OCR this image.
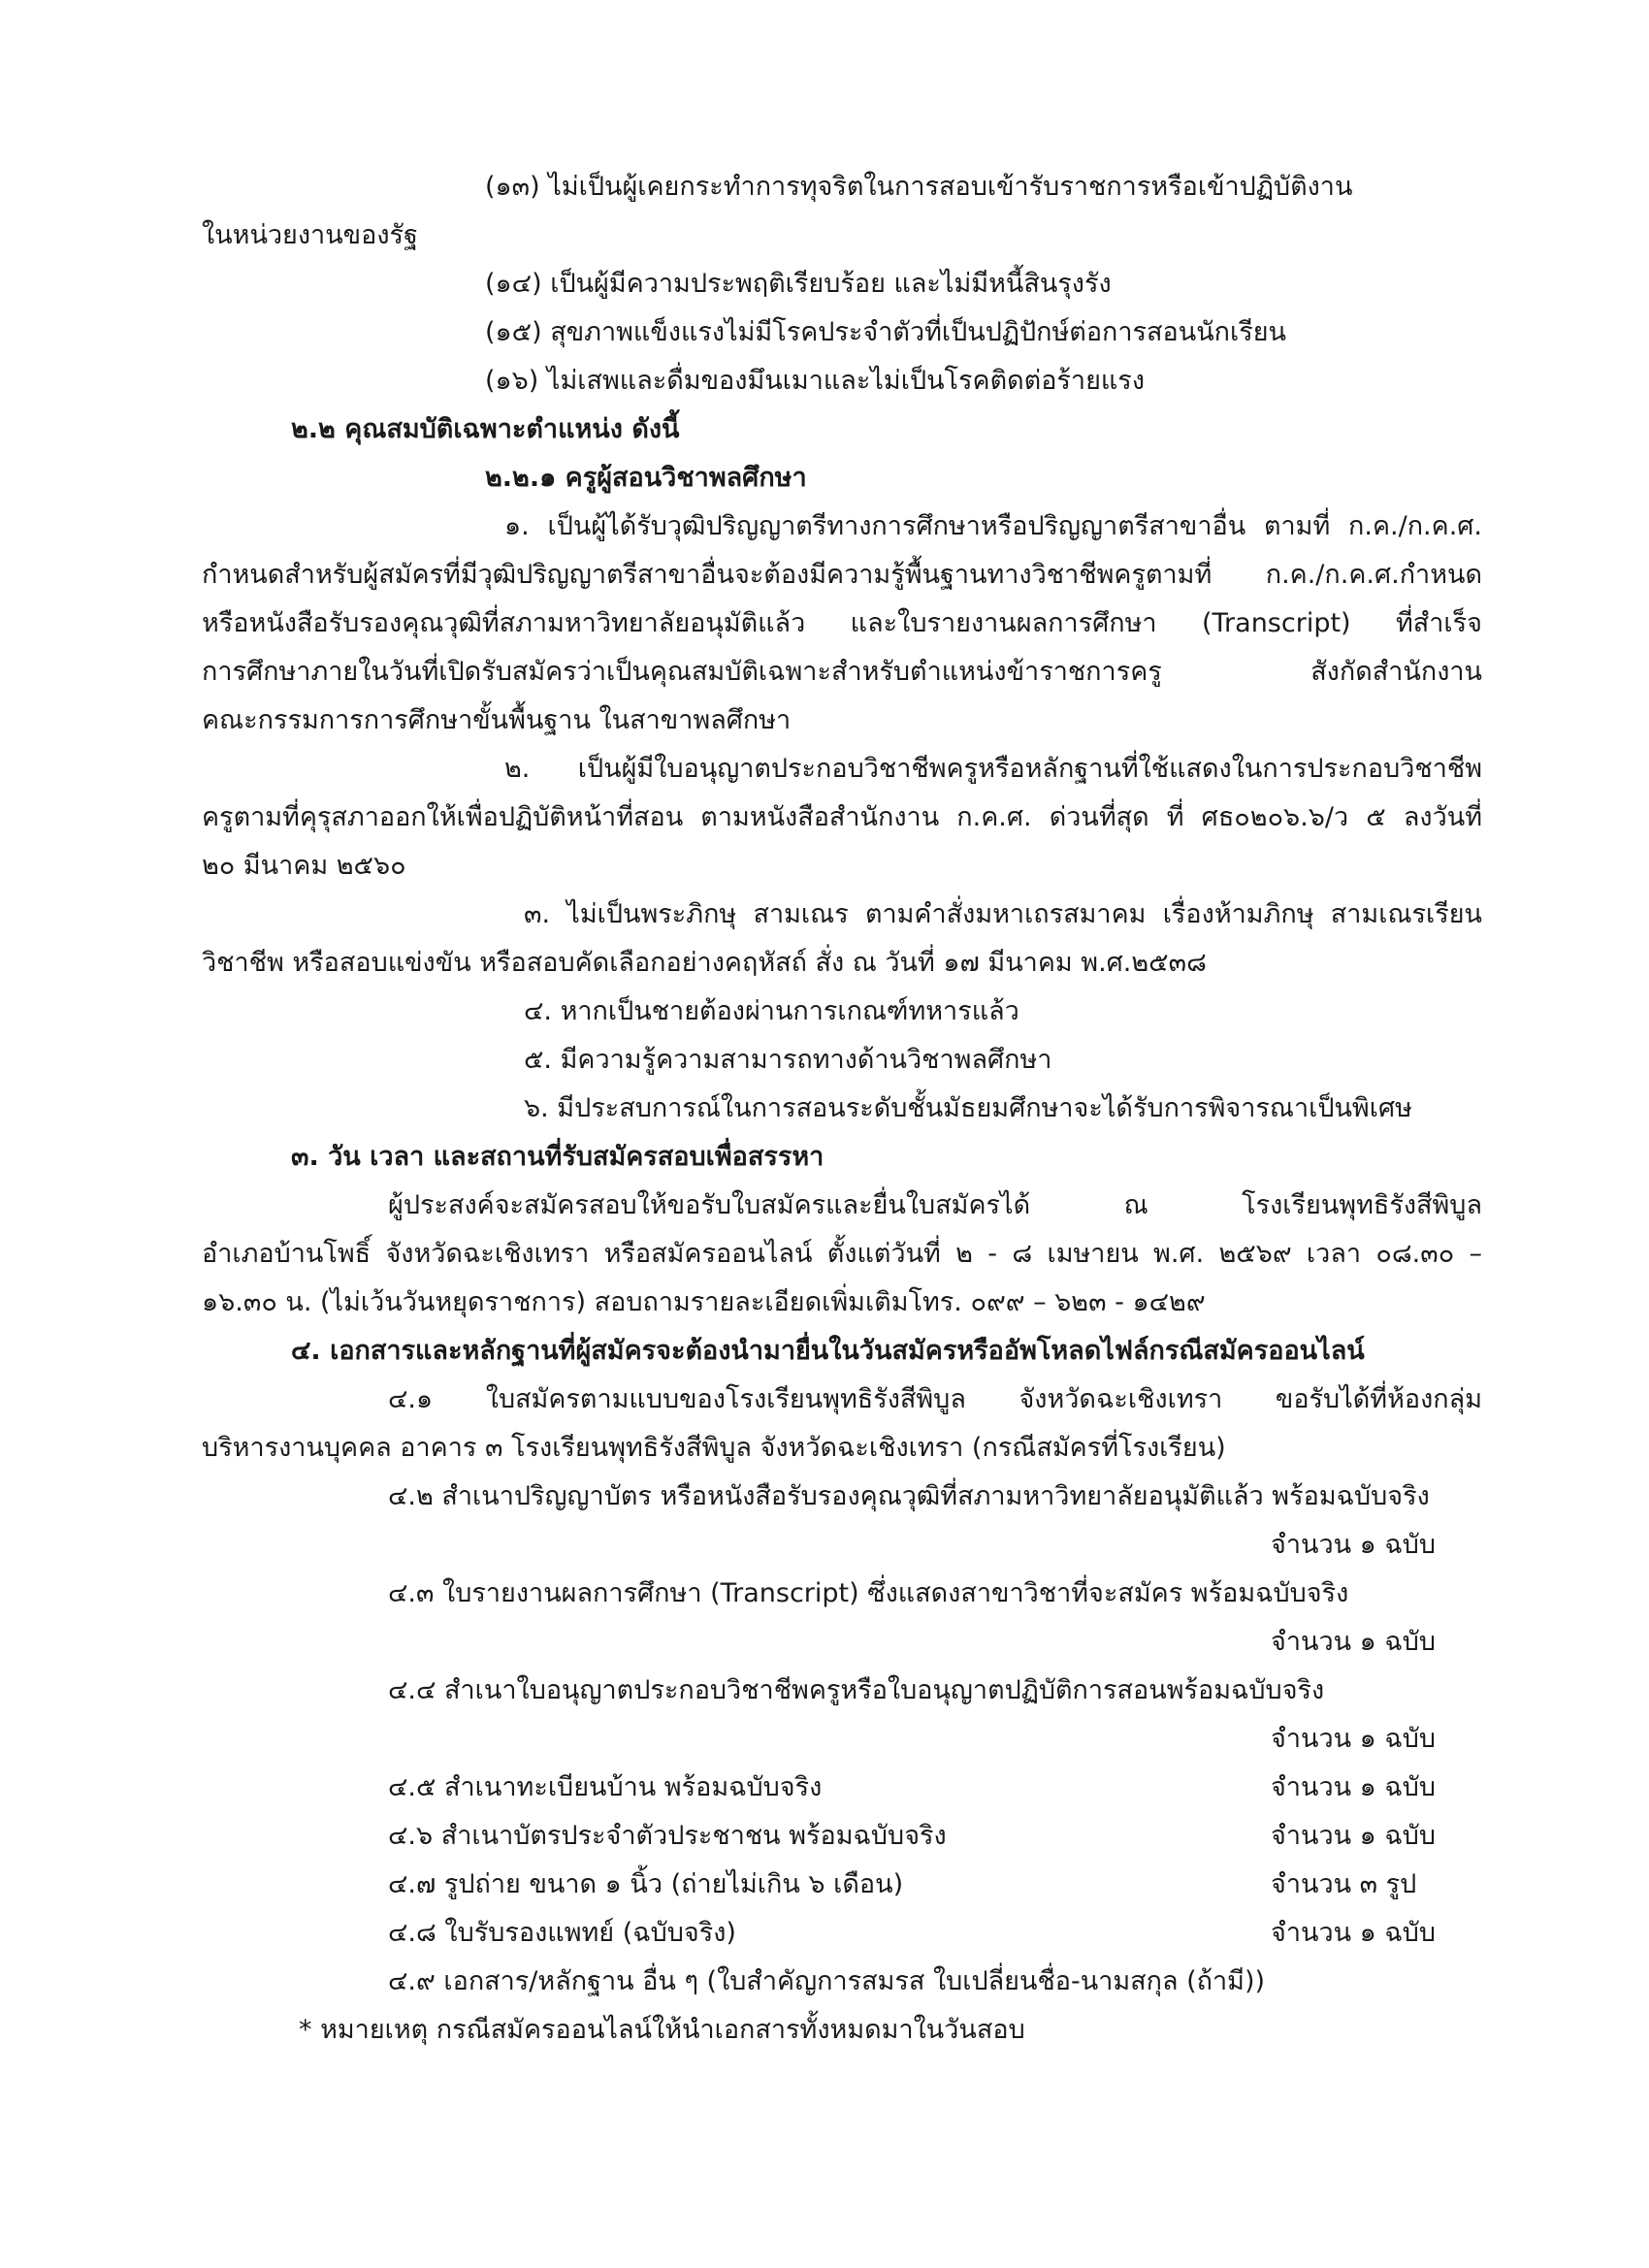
(๑๓) ไม่เป็นผู้เคยกระทำการทุจริตในการสอบเข้ารับราชการหรือเข้าปฏิบัติงาน
ในหน่วยงานของรัฐ
(๑๔) เป็นผู้มีความประพฤติเรียบร้อย และไม่มีหนี้สินรุงรัง
(๑๕) สุขภาพแข็งแรงไม่มีโรคประจำตัวที่เป็นปฏิปักษ์ต่อการสอนนักเรียน
(๑๖) ไม่เสพและดื่มของมึนเมาและไม่เป็นโรคติดต่อร้ายแรง
๒.๒ คุณสมบัติเฉพาะตำแหน่ง ดังนี้
๒.๒.๑ ครูผู้สอนวิชาพลศึกษา
๑. เป็นผู้ได้รับวุฒิปริญญาตรีทางการศึกษาหรือปริญญาตรีสาขาอื่น ตามที่ ก.ค./ก.ค.ศ.
กำหนดสำหรับผู้สมัครที่มีวุฒิปริญญาตรีสาขาอื่นจะต้องมีความรู้พื้นฐานทางวิชาชีพครูตามที่ ก.ค./ก.ค.ศ.กำหนด
หรือหนังสือรับรองคุณวุฒิที่สภามหาวิทยาลัยอนุมัติแล้ว และใบรายงานผลการศึกษา (Transcript) ที่สำเร็จ
การศึกษาภายในวันที่เปิดรับสมัครว่าเป็นคุณสมบัติเฉพาะสำหรับตำแหน่งข้าราชการครู สังกัดสำนักงาน
คณะกรรมการการศึกษาขั้นพื้นฐาน ในสาขาพลศึกษา
๒. เป็นผู้มีใบอนุญาตประกอบวิชาชีพครูหรือหลักฐานที่ใช้แสดงในการประกอบวิชาชีพ
ครูตามที่คุรุสภาออกให้เพื่อปฏิบัติหน้าที่สอน ตามหนังสือสำนักงาน ก.ค.ศ. ด่วนที่สุด ที่ ศธ๐๒๐๖.๖/ว ๕ ลงวันที่
๒๐ มีนาคม ๒๕๖๐
๓. ไม่เป็นพระภิกษุ สามเณร ตามคำสั่งมหาเถรสมาคม เรื่องห้ามภิกษุ สามเณรเรียน
วิชาชีพ หรือสอบแข่งขัน หรือสอบคัดเลือกอย่างคฤหัสถ์ สั่ง ณ วันที่ ๑๗ มีนาคม พ.ศ.๒๕๓๘
๔. หากเป็นชายต้องผ่านการเกณฑ์ทหารแล้ว
๕. มีความรู้ความสามารถทางด้านวิชาพลศึกษา
๖. มีประสบการณ์ในการสอนระดับชั้นมัธยมศึกษาจะได้รับการพิจารณาเป็นพิเศษ
๓. วัน เวลา และสถานที่รับสมัครสอบเพื่อสรรหา
ผู้ประสงค์จะสมัครสอบให้ขอรับใบสมัครและยื่นใบสมัครได้ ณ โรงเรียนพุทธิรังสีพิบูล
อำเภอบ้านโพธิ์ จังหวัดฉะเชิงเทรา หรือสมัครออนไลน์ ตั้งแต่วันที่ ๒ - ๘ เมษายน พ.ศ. ๒๕๖๙ เวลา ๐๘.๓๐ –
๑๖.๓๐ น. (ไม่เว้นวันหยุดราชการ) สอบถามรายละเอียดเพิ่มเติมโทร. ๐๙๙ – ๖๒๓ - ๑๔๒๙
๔. เอกสารและหลักฐานที่ผู้สมัครจะต้องนำมายื่นในวันสมัครหรืออัพโหลดไฟล์กรณีสมัครออนไลน์
๔.๑ ใบสมัครตามแบบของโรงเรียนพุทธิรังสีพิบูล จังหวัดฉะเชิงเทรา ขอรับได้ที่ห้องกลุ่ม
บริหารงานบุคคล อาคาร ๓ โรงเรียนพุทธิรังสีพิบูล จังหวัดฉะเชิงเทรา (กรณีสมัครที่โรงเรียน)
๔.๒ สำเนาปริญญาบัตร หรือหนังสือรับรองคุณวุฒิที่สภามหาวิทยาลัยอนุมัติแล้ว พร้อมฉบับจริง
จำนวน ๑ ฉบับ
๔.๓ ใบรายงานผลการศึกษา (Transcript) ซึ่งแสดงสาขาวิชาที่จะสมัคร พร้อมฉบับจริง
จำนวน ๑ ฉบับ
๔.๔ สำเนาใบอนุญาตประกอบวิชาชีพครูหรือใบอนุญาตปฏิบัติการสอนพร้อมฉบับจริง
จำนวน ๑ ฉบับ
๔.๕ สำเนาทะเบียนบ้าน พร้อมฉบับจริง	จำนวน ๑ ฉบับ
๔.๖ สำเนาบัตรประจำตัวประชาชน พร้อมฉบับจริง	จำนวน ๑ ฉบับ
๔.๗ รูปถ่าย ขนาด ๑ นิ้ว (ถ่ายไม่เกิน ๖ เดือน)	จำนวน ๓ รูป
๔.๘ ใบรับรองแพทย์ (ฉบับจริง)	จำนวน ๑ ฉบับ
๔.๙ เอกสาร/หลักฐาน อื่น ๆ (ใบสำคัญการสมรส ใบเปลี่ยนชื่อ-นามสกุล (ถ้ามี))
* หมายเหตุ กรณีสมัครออนไลน์ให้นำเอกสารทั้งหมดมาในวันสอบ
